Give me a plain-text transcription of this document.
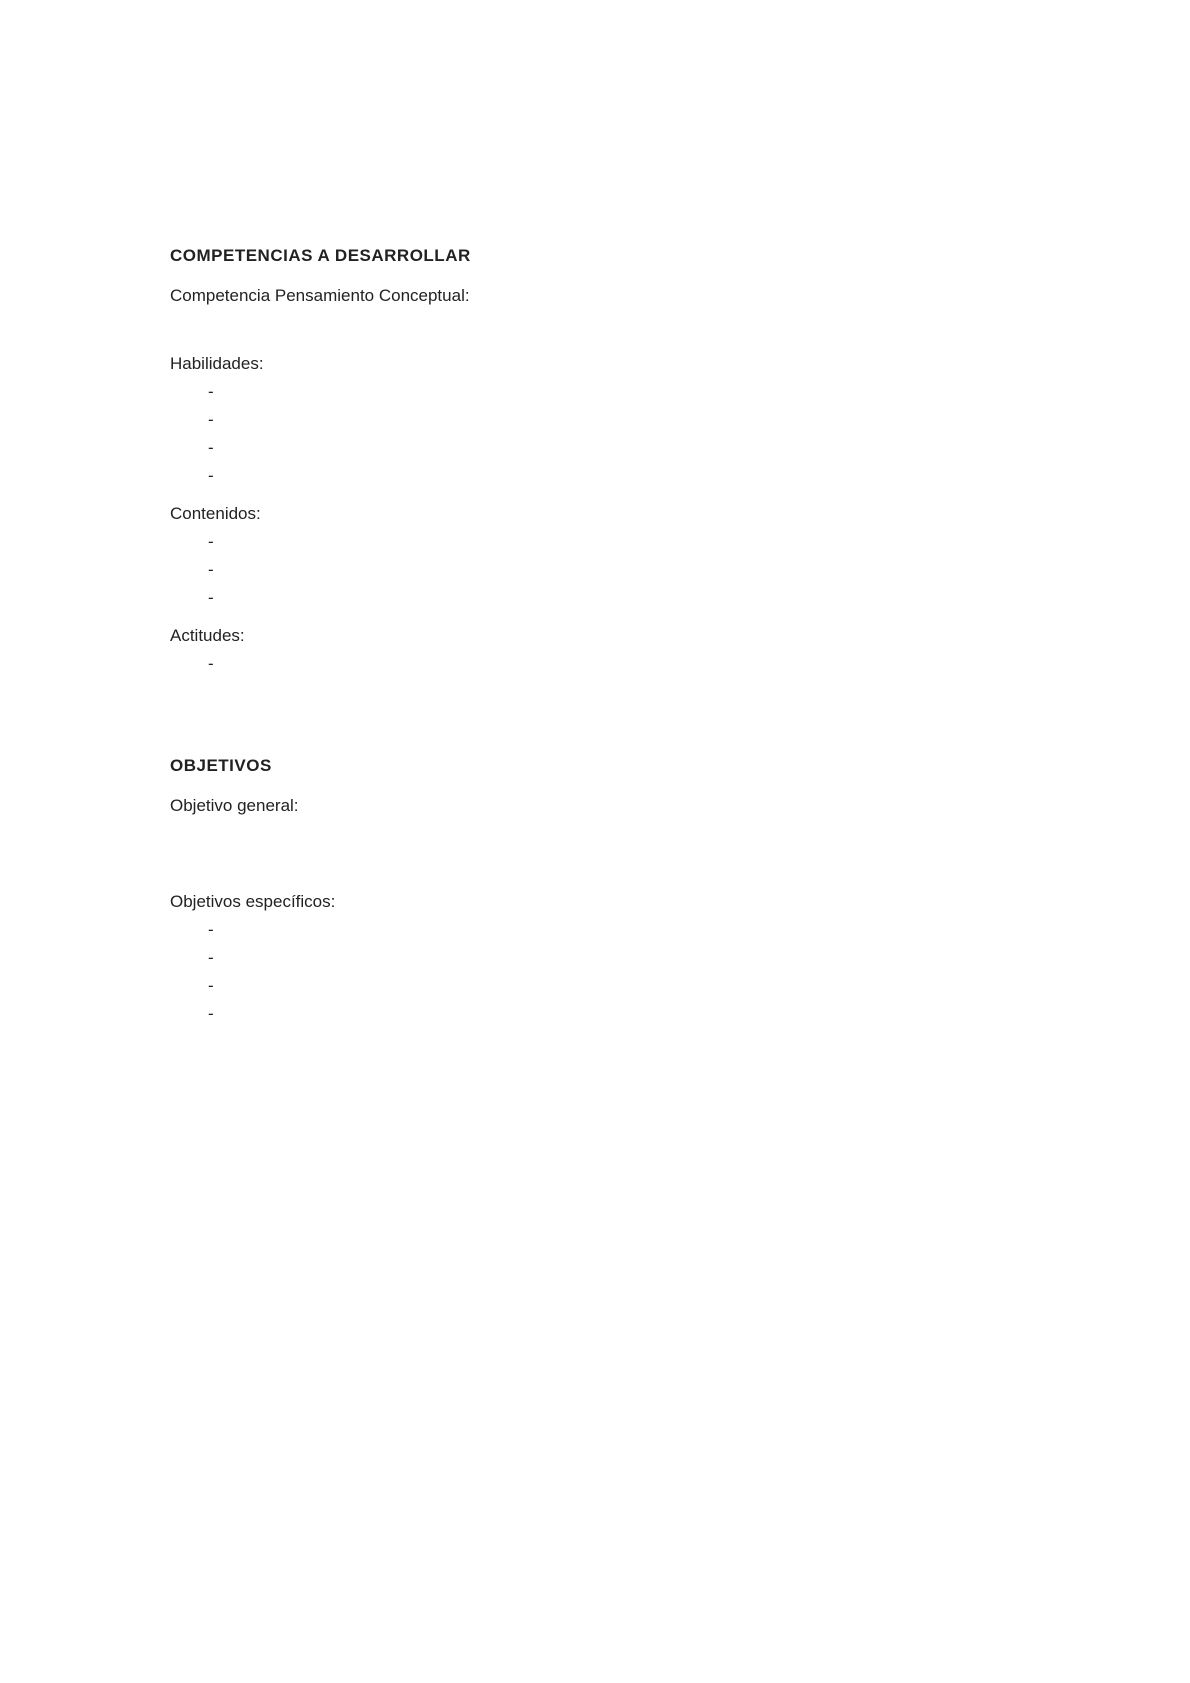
COMPETENCIAS A DESARROLLAR

Competencia Pensamiento Conceptual:

Habilidades:

-
-
-
-

Contenidos:

-
-
-

Actitudes:

-
OBJETIVOS

Objetivo general:

Objetivos específicos:

-
-
-
-
